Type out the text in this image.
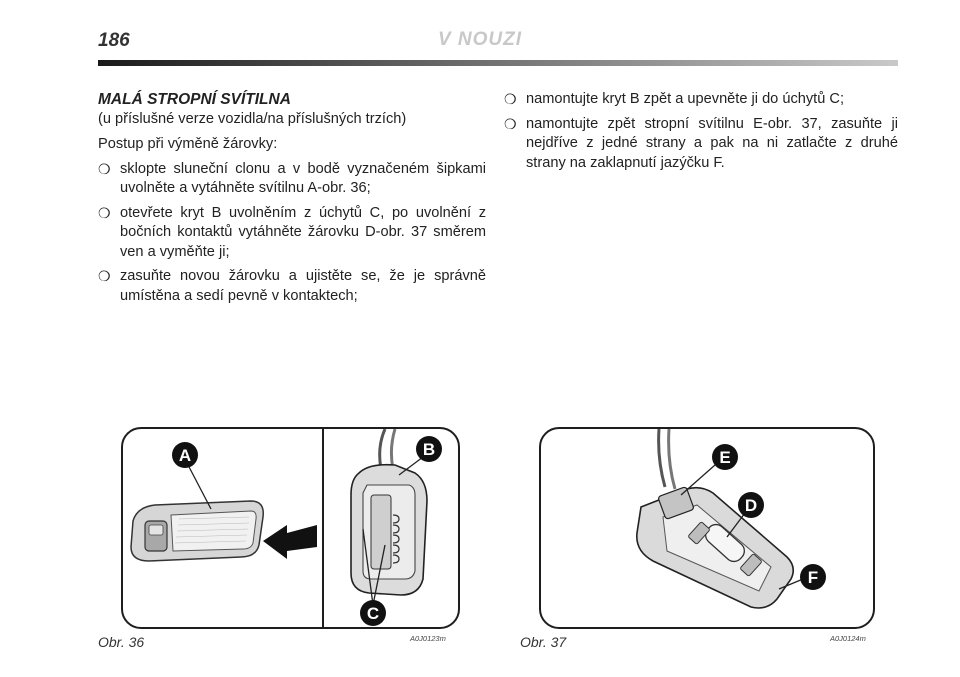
186	V NOUZI
MALÁ STROPNÍ SVÍTILNA
(u příslušné verze vozidla/na příslušných trzích)
Postup při výměně žárovky:
❍ sklopte sluneční clonu a v bodě vyznačeném šipkami uvolněte a vytáhněte svítilnu A-obr. 36;
❍ otevřete kryt B uvolněním z úchytů C, po uvolnění z bočních kontaktů vytáhněte žárovku D-obr. 37 směrem ven a vyměňte ji;
❍ zasuňte novou žárovku a ujistěte se, že je správně umístěna a sedí pevně v kontaktech;
❍ namontujte kryt B zpět a upevněte ji do úchytů C;
❍ namontujte zpět stropní svítilnu E-obr. 37, zasuňte ji nejdříve z jedné strany a pak na ni zatlačte z druhé strany na zaklapnutí jazýčku F.
A	B
C
Obr. 36	A0J0123m
E
D
F
Obr. 37	A0J0124m
